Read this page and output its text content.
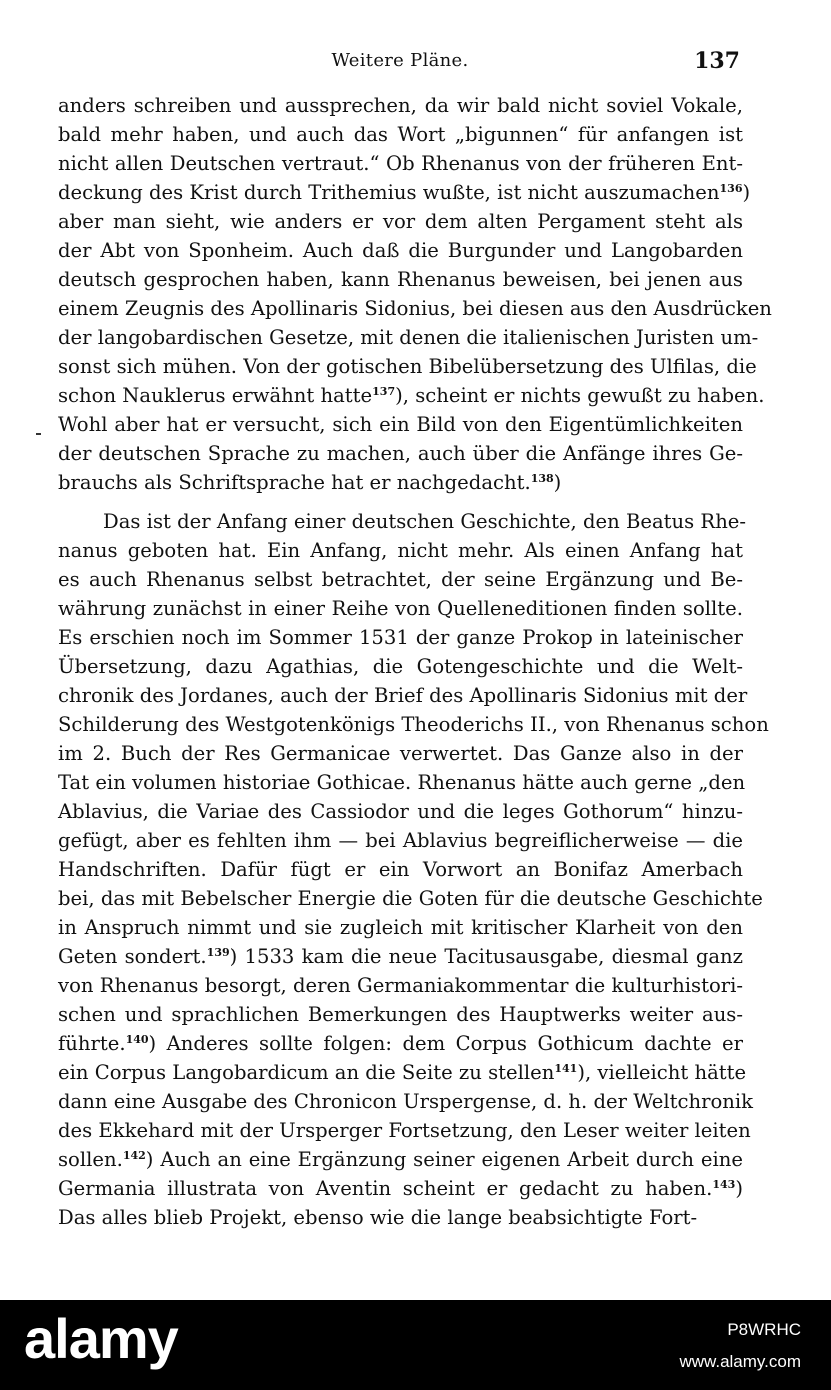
Weitere Pläne.	137
anders schreiben und aussprechen, da wir bald nicht soviel Vokale,
bald mehr haben, und auch das Wort „bigunnen“ für anfangen ist
nicht allen Deutschen vertraut.“ Ob Rhenanus von der früheren Ent-
deckung des Krist durch Trithemius wußte, ist nicht auszumachen$^{136}$)
aber man sieht, wie anders er vor dem alten Pergament steht als
der Abt von Sponheim. Auch daß die Burgunder und Langobarden
deutsch gesprochen haben, kann Rhenanus beweisen, bei jenen aus
einem Zeugnis des Apollinaris Sidonius, bei diesen aus den Ausdrücken
der langobardischen Gesetze, mit denen die italienischen Juristen um-
sonst sich mühen. Von der gotischen Bibelübersetzung des Ulfilas, die
schon Nauklerus erwähnt hatte$^{137}$), scheint er nichts gewußt zu haben.
Wohl aber hat er versucht, sich ein Bild von den Eigentümlichkeiten
der deutschen Sprache zu machen, auch über die Anfänge ihres Ge-
brauchs als Schriftsprache hat er nachgedacht.$^{138}$)
Das ist der Anfang einer deutschen Geschichte, den Beatus Rhe-
nanus geboten hat. Ein Anfang, nicht mehr. Als einen Anfang hat
es auch Rhenanus selbst betrachtet, der seine Ergänzung und Be-
währung zunächst in einer Reihe von Quelleneditionen finden sollte.
Es erschien noch im Sommer 1531 der ganze Prokop in lateinischer
Übersetzung, dazu Agathias, die Gotengeschichte und die Welt-
chronik des Jordanes, auch der Brief des Apollinaris Sidonius mit der
Schilderung des Westgotenkönigs Theoderichs II., von Rhenanus schon
im 2. Buch der Res Germanicae verwertet. Das Ganze also in der
Tat ein volumen historiae Gothicae. Rhenanus hätte auch gerne „den
Ablavius, die Variae des Cassiodor und die leges Gothorum“ hinzu-
gefügt, aber es fehlten ihm — bei Ablavius begreiflicherweise — die
Handschriften. Dafür fügt er ein Vorwort an Bonifaz Amerbach
bei, das mit Bebelscher Energie die Goten für die deutsche Geschichte
in Anspruch nimmt und sie zugleich mit kritischer Klarheit von den
Geten sondert.$^{139}$) 1533 kam die neue Tacitusausgabe, diesmal ganz
von Rhenanus besorgt, deren Germaniakommentar die kulturhistori-
schen und sprachlichen Bemerkungen des Hauptwerks weiter aus-
führte.$^{140}$) Anderes sollte folgen: dem Corpus Gothicum dachte er
ein Corpus Langobardicum an die Seite zu stellen$^{141}$), vielleicht hätte
dann eine Ausgabe des Chronicon Urspergense, d. h. der Weltchronik
des Ekkehard mit der Ursperger Fortsetzung, den Leser weiter leiten
sollen.$^{142}$) Auch an eine Ergänzung seiner eigenen Arbeit durch eine
Germania illustrata von Aventin scheint er gedacht zu haben.$^{143}$)
Das alles blieb Projekt, ebenso wie die lange beabsichtigte Fort-
alamy	P8WRHC
www.alamy.com
